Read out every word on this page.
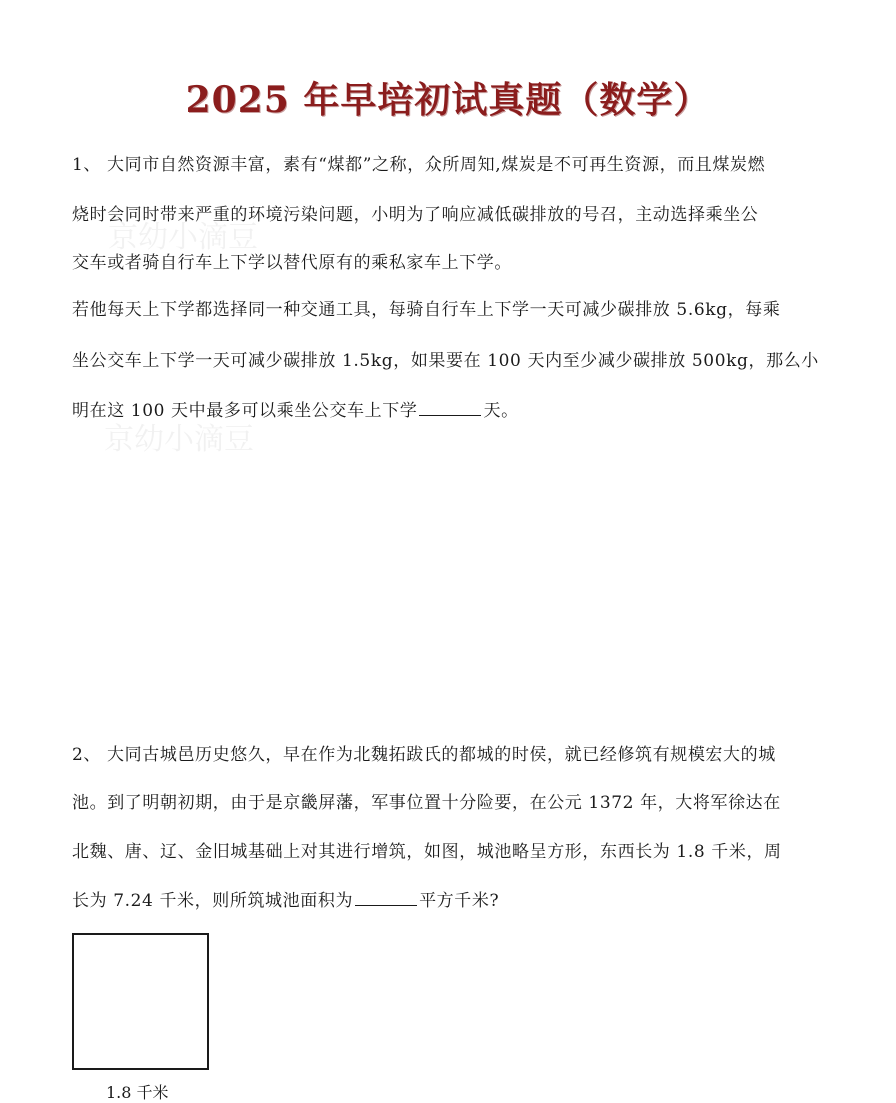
京幼小滴豆
京幼小滴豆
2025 年早培初试真题（数学）
1、 大同市自然资源丰富，素有“煤都”之称，众所周知,煤炭是不可再生资源，而且煤炭燃
烧时会同时带来严重的环境污染问题，小明为了响应减低碳排放的号召，主动选择乘坐公
交车或者骑自行车上下学以替代原有的乘私家车上下学。
若他每天上下学都选择同一种交通工具，每骑自行车上下学一天可减少碳排放 5.6kg，每乘
坐公交车上下学一天可减少碳排放 1.5kg，如果要在 100 天内至少减少碳排放 500kg，那么小
明在这 100 天中最多可以乘坐公交车上下学	天。
2、 大同古城邑历史悠久，早在作为北魏拓跋氏的都城的时侯，就已经修筑有规模宏大的城
池。到了明朝初期，由于是京畿屏藩，军事位置十分险要，在公元 1372 年，大将军徐达在
北魏、唐、辽、金旧城基础上对其进行增筑，如图，城池略呈方形，东西长为 1.8 千米，周
长为 7.24 千米，则所筑城池面积为	平方千米?
1.8 千米
